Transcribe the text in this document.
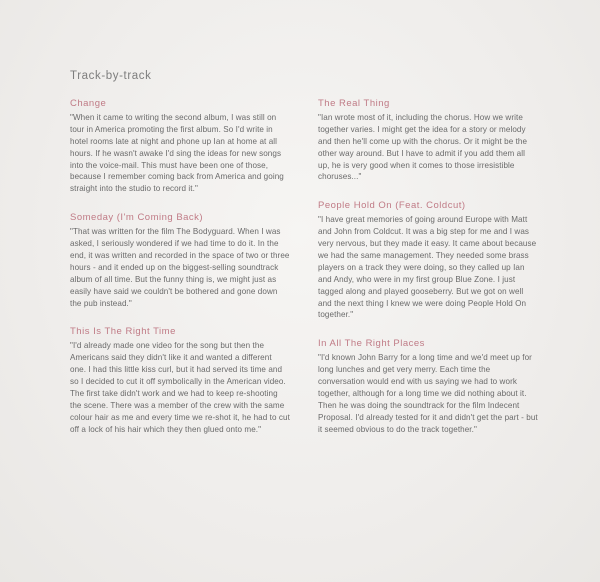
Track-by-track
Change

"When it came to writing the second album, I was still on tour in America promoting the first album. So I'd write in hotel rooms late at night and phone up Ian at home at all hours. If he wasn't awake I'd sing the ideas for new songs into the voice-mail. This must have been one of those, because I remember coming back from America and going straight into the studio to record it."

Someday (I'm Coming Back)

"That was written for the film The Bodyguard. When I was asked, I seriously wondered if we had time to do it. In the end, it was written and recorded in the space of two or three hours - and it ended up on the biggest-selling soundtrack album of all time. But the funny thing is, we might just as easily have said we couldn't be bothered and gone down the pub instead."

This Is The Right Time

"I'd already made one video for the song but then the Americans said they didn't like it and wanted a different one. I had this little kiss curl, but it had served its time and so I decided to cut it off symbolically in the American video. The first take didn't work and we had to keep re-shooting the scene. There was a member of the crew with the same colour hair as me and every time we re-shot it, he had to cut off a lock of his hair which they then glued onto me."

The Real Thing

"Ian wrote most of it, including the chorus. How we write together varies. I might get the idea for a story or melody and then he'll come up with the chorus. Or it might be the other way around. But I have to admit if you add them all up, he is very good when it comes to those irresistible choruses..."

People Hold On (Feat. Coldcut)

"I have great memories of going around Europe with Matt and John from Coldcut. It was a big step for me and I was very nervous, but they made it easy. It came about because we had the same management. They needed some brass players on a track they were doing, so they called up Ian and Andy, who were in my first group Blue Zone. I just tagged along and played gooseberry. But we got on well and the next thing I knew we were doing People Hold On together."

In All The Right Places

"I'd known John Barry for a long time and we'd meet up for long lunches and get very merry. Each time the conversation would end with us saying we had to work together, although for a long time we did nothing about it. Then he was doing the soundtrack for the film Indecent Proposal. I'd already tested for it and didn't get the part - but it seemed obvious to do the track together."
